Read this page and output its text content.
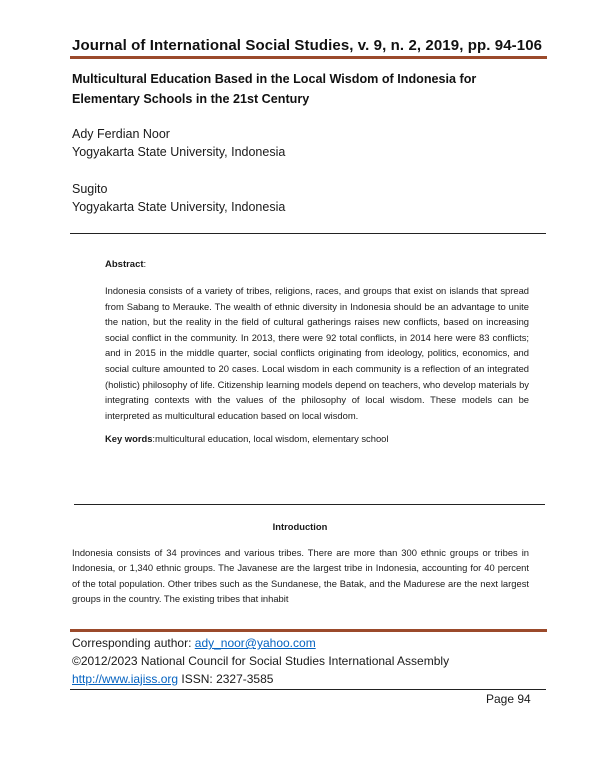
Journal of International Social Studies, v. 9, n. 2, 2019, pp. 94-106
Multicultural Education Based in the Local Wisdom of Indonesia for Elementary Schools in the 21st Century
Ady Ferdian Noor
Yogyakarta State University, Indonesia
Sugito
Yogyakarta State University, Indonesia

Abstract:

Indonesia consists of a variety of tribes, religions, races, and groups that exist on islands that spread from Sabang to Merauke. The wealth of ethnic diversity in Indonesia should be an advantage to unite the nation, but the reality in the field of cultural gatherings raises new conflicts, based on increasing social conflict in the community. In 2013, there were 92 total conflicts, in 2014 here were 83 conflicts; and in 2015 in the middle quarter, social conflicts originating from ideology, politics, economics, and social culture amounted to 20 cases. Local wisdom in each community is a reflection of an integrated (holistic) philosophy of life. Citizenship learning models depend on teachers, who develop materials by integrating contexts with the values of the philosophy of local wisdom. These models can be interpreted as multicultural education based on local wisdom.

Key words:multicultural education, local wisdom, elementary school
Introduction
Indonesia consists of 34 provinces and various tribes. There are more than 300 ethnic groups or tribes in Indonesia, or 1,340 ethnic groups. The Javanese are the largest tribe in Indonesia, accounting for 40 percent of the total population. Other tribes such as the Sundanese, the Batak, and the Madurese are the next largest groups in the country. The existing tribes that inhabit
Corresponding author: ady_noor@yahoo.com
©2012/2023 National Council for Social Studies International Assembly
http://www.iajiss.org ISSN: 2327-3585
Page 94
